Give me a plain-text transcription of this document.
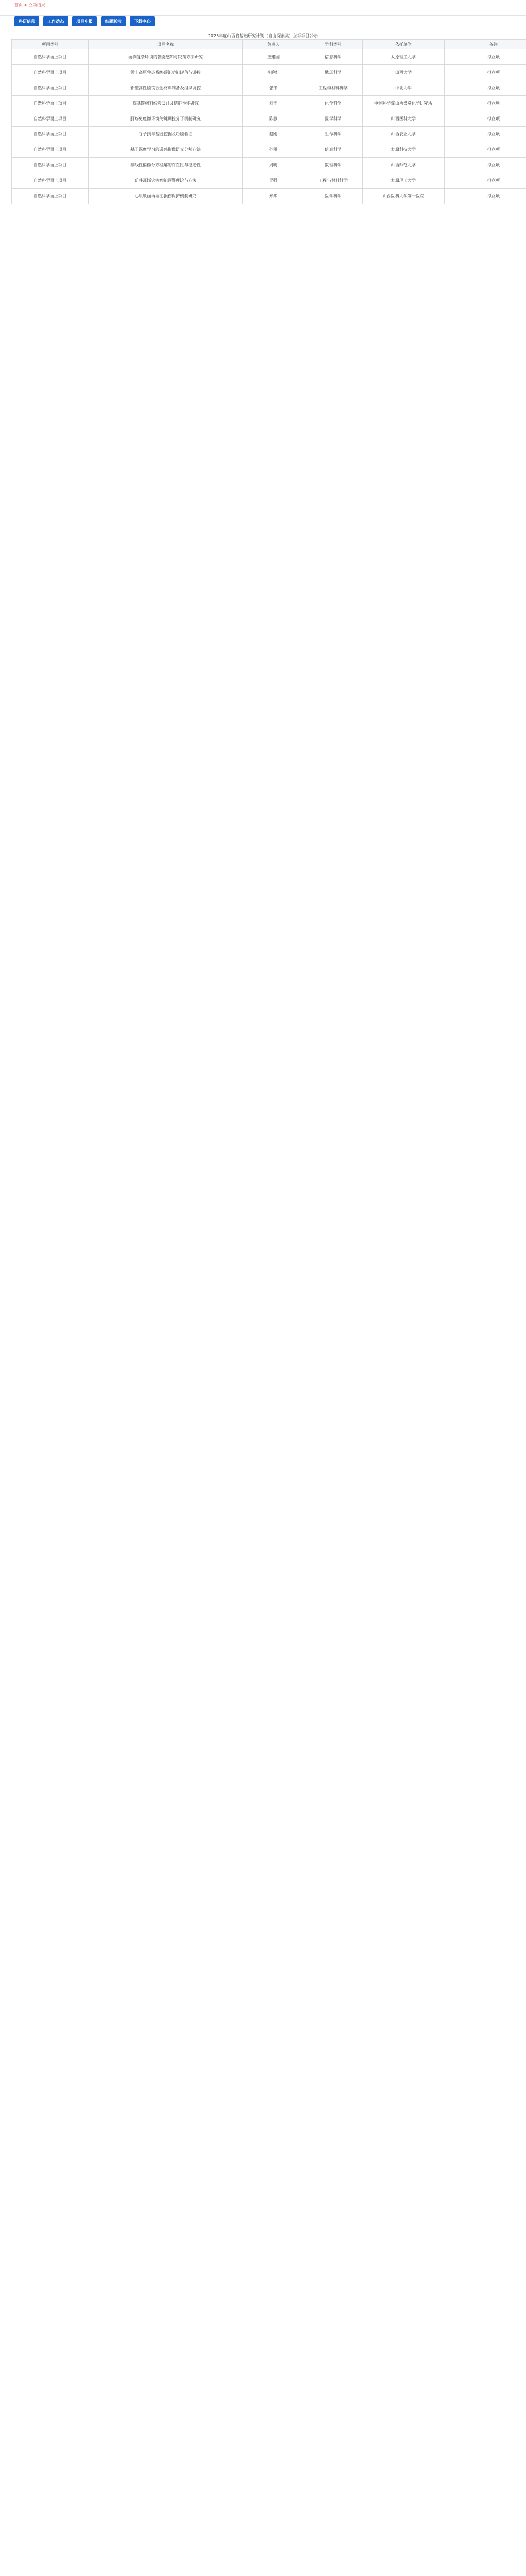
首页 > 立项结果
科研信息	工作动态	项目申报	结题验收	下载中心
2025年度山西省基础研究计划（自由探索类）立项项目公示
项目类别	项目名称	负责人	学科类别	依托单位	备注
自然科学面上项目	面向复杂环境的智能感知与决策方法研究	王建国	信息科学	太原理工大学	拟立项
自然科学面上项目	黄土高原生态系统碳汇功能评估与调控	李晓红	地球科学	山西大学	拟立项
自然科学面上项目	新型高性能镁合金材料制备及组织调控	张伟	工程与材料科学	中北大学	拟立项
自然科学面上项目	煤基碳材料结构设计及储能性能研究	刘洋	化学科学	中国科学院山西煤炭化学研究所	拟立项
自然科学面上项目	肝癌免疫微环境关键调控分子机制研究	陈静	医学科学	山西医科大学	拟立项
自然科学面上项目	谷子抗旱基因挖掘及功能验证	赵刚	生命科学	山西农业大学	拟立项
自然科学面上项目	基于深度学习的遥感影像语义分割方法	孙丽	信息科学	太原科技大学	拟立项
自然科学面上项目	非线性偏微分方程解的存在性与稳定性	周明	数理科学	山西师范大学	拟立项
自然科学面上项目	矿井瓦斯灾害智能预警理论与方法	吴强	工程与材料科学	太原理工大学	拟立项
自然科学面上项目	心肌缺血再灌注损伤保护机制研究	郑华	医学科学	山西医科大学第一医院	拟立项
